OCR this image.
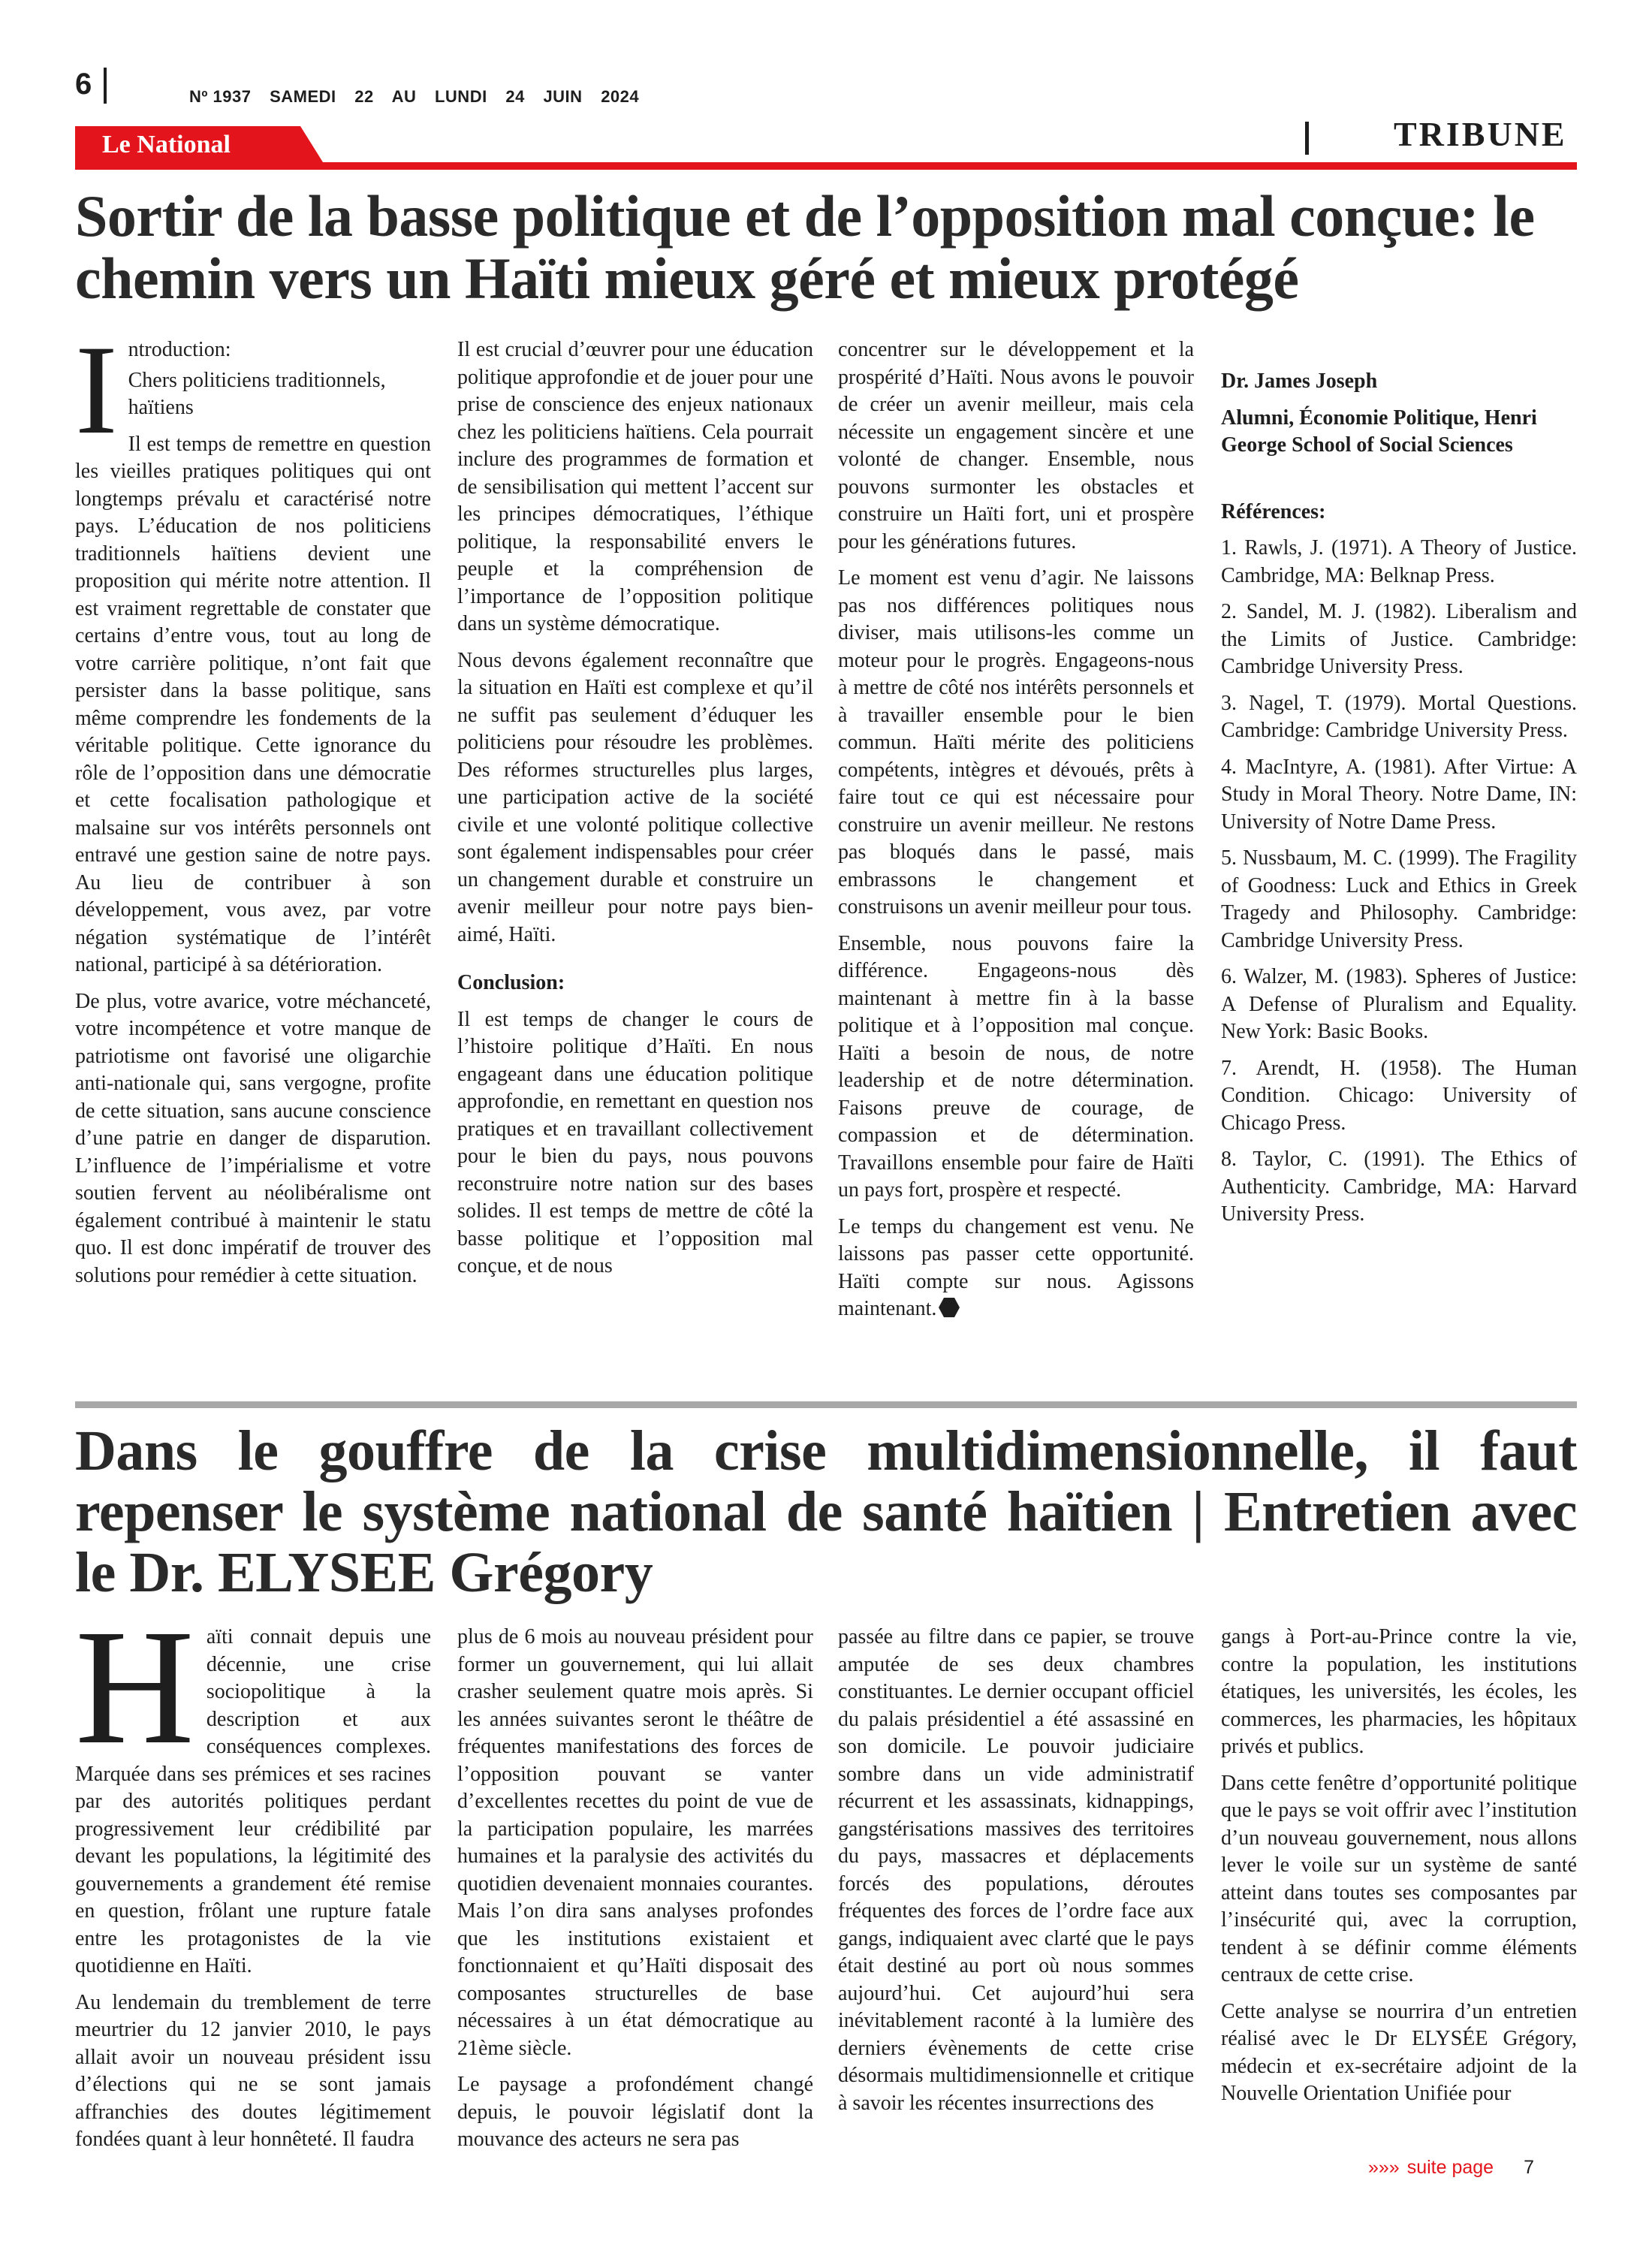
6	Nº 1937 SAMEDI 22 AU LUNDI 24 JUIN 2024
Le National	TRIBUNE
Sortir de la basse politique et de l’opposition mal conçue: le chemin vers un Haïti mieux géré et mieux protégé
I ntroduction:

Chers politiciens traditionnels, haïtiens

Il est temps de remettre en question les vieilles pratiques politiques qui ont longtemps prévalu et caractérisé notre pays. L’éducation de nos politiciens traditionnels haïtiens devient une proposition qui mérite notre attention. Il est vraiment regrettable de constater que certains d’entre vous, tout au long de votre carrière politique, n’ont fait que persister dans la basse politique, sans même comprendre les fondements de la véritable politique. Cette ignorance du rôle de l’opposition dans une démocratie et cette focalisation pathologique et malsaine sur vos intérêts personnels ont entravé une gestion saine de notre pays. Au lieu de contribuer à son développement, vous avez, par votre négation systématique de l’intérêt national, participé à sa détérioration.

De plus, votre avarice, votre méchanceté, votre incompétence et votre manque de patriotisme ont favorisé une oligarchie anti-nationale qui, sans vergogne, profite de cette situation, sans aucune conscience d’une patrie en danger de disparution. L’influence de l’impérialisme et votre soutien fervent au néolibéralisme ont également contribué à maintenir le statu quo. Il est donc impératif de trouver des solutions pour remédier à cette situation.

Il est crucial d’œuvrer pour une éducation politique approfondie et de jouer pour une prise de conscience des enjeux nationaux chez les politiciens haïtiens. Cela pourrait inclure des programmes de formation et de sensibilisation qui mettent l’accent sur les principes démocratiques, l’éthique politique, la responsabilité envers le peuple et la compréhension de l’importance de l’opposition politique dans un système démocratique.

Nous devons également reconnaître que la situation en Haïti est complexe et qu’il ne suffit pas seulement d’éduquer les politiciens pour résoudre les problèmes. Des réformes structurelles plus larges, une participation active de la société civile et une volonté politique collective sont également indispensables pour créer un changement durable et construire un avenir meilleur pour notre pays bien-aimé, Haïti.

Conclusion:

Il est temps de changer le cours de l’histoire politique d’Haïti. En nous engageant dans une éducation politique approfondie, en remettant en question nos pratiques et en travaillant collectivement pour le bien du pays, nous pouvons reconstruire notre nation sur des bases solides. Il est temps de mettre de côté la basse politique et l’opposition mal conçue, et de nous

concentrer sur le développement et la prospérité d’Haïti. Nous avons le pouvoir de créer un avenir meilleur, mais cela nécessite un engagement sincère et une volonté de changer. Ensemble, nous pouvons surmonter les obstacles et construire un Haïti fort, uni et prospère pour les générations futures.

Le moment est venu d’agir. Ne laissons pas nos différences politiques nous diviser, mais utilisons-les comme un moteur pour le progrès. Engageons-nous à mettre de côté nos intérêts personnels et à travailler ensemble pour le bien commun. Haïti mérite des politiciens compétents, intègres et dévoués, prêts à faire tout ce qui est nécessaire pour construire un avenir meilleur. Ne restons pas bloqués dans le passé, mais embrassons le changement et construisons un avenir meilleur pour tous.

Ensemble, nous pouvons faire la différence. Engageons-nous dès maintenant à mettre fin à la basse politique et à l’opposition mal conçue. Haïti a besoin de nous, de notre leadership et de notre détermination. Faisons preuve de courage, de compassion et de détermination. Travaillons ensemble pour faire de Haïti un pays fort, prospère et respecté.

Le temps du changement est venu. Ne laissons pas passer cette opportunité. Haïti compte sur nous. Agissons maintenant.

Dr. James Joseph

Alumni, Économie Politique, Henri George School of Social Sciences

Références:

1. Rawls, J. (1971). A Theory of Justice. Cambridge, MA: Belknap Press.

2. Sandel, M. J. (1982). Liberalism and the Limits of Justice. Cambridge: Cambridge University Press.

3. Nagel, T. (1979). Mortal Questions. Cambridge: Cambridge University Press.

4. MacIntyre, A. (1981). After Virtue: A Study in Moral Theory. Notre Dame, IN: University of Notre Dame Press.

5. Nussbaum, M. C. (1999). The Fragility of Goodness: Luck and Ethics in Greek Tragedy and Philosophy. Cambridge: Cambridge University Press.

6. Walzer, M. (1983). Spheres of Justice: A Defense of Pluralism and Equality. New York: Basic Books.

7. Arendt, H. (1958). The Human Condition. Chicago: University of Chicago Press.

8. Taylor, C. (1991). The Ethics of Authenticity. Cambridge, MA: Harvard University Press.

Dans le gouffre de la crise multidimensionnelle, il faut repenser le système national de santé haïtien | Entretien avec le Dr. ELYSEE Grégory
H aïti connait depuis une décennie, une crise sociopolitique à la description et aux conséquences complexes. Marquée dans ses prémices et ses racines par des autorités politiques perdant progressivement leur crédibilité par devant les populations, la légitimité des gouvernements a grandement été remise en question, frôlant une rupture fatale entre les protagonistes de la vie quotidienne en Haïti.

Au lendemain du tremblement de terre meurtrier du 12 janvier 2010, le pays allait avoir un nouveau président issu d’élections qui ne se sont jamais affranchies des doutes légitimement fondées quant à leur honnêteté. Il faudra

plus de 6 mois au nouveau président pour former un gouvernement, qui lui allait crasher seulement quatre mois après. Si les années suivantes seront le théâtre de fréquentes manifestations des forces de l’opposition pouvant se vanter d’excellentes recettes du point de vue de la participation populaire, les marrées humaines et la paralysie des activités du quotidien devenaient monnaies courantes. Mais l’on dira sans analyses profondes que les institutions existaient et fonctionnaient et qu’Haïti disposait des composantes structurelles de base nécessaires à un état démocratique au 21ème siècle.

Le paysage a profondément changé depuis, le pouvoir législatif dont la mouvance des acteurs ne sera pas

passée au filtre dans ce papier, se trouve amputée de ses deux chambres constituantes. Le dernier occupant officiel du palais présidentiel a été assassiné en son domicile. Le pouvoir judiciaire sombre dans un vide administratif récurrent et les assassinats, kidnappings, gangstérisations massives des territoires du pays, massacres et déplacements forcés des populations, déroutes fréquentes des forces de l’ordre face aux gangs, indiquaient avec clarté que le pays était destiné au port où nous sommes aujourd’hui. Cet aujourd’hui sera inévitablement raconté à la lumière des derniers évènements de cette crise désormais multidimensionnelle et critique à savoir les récentes insurrections des

gangs à Port-au-Prince contre la vie, contre la population, les institutions étatiques, les universités, les écoles, les commerces, les pharmacies, les hôpitaux privés et publics.

Dans cette fenêtre d’opportunité politique que le pays se voit offrir avec l’institution d’un nouveau gouvernement, nous allons lever le voile sur un système de santé atteint dans toutes ses composantes par l’insécurité qui, avec la corruption, tendent à se définir comme éléments centraux de cette crise.

Cette analyse se nourrira d’un entretien réalisé avec le Dr ELYSÉE Grégory, médecin et ex-secrétaire adjoint de la Nouvelle Orientation Unifiée pour

»»» suite page 7
